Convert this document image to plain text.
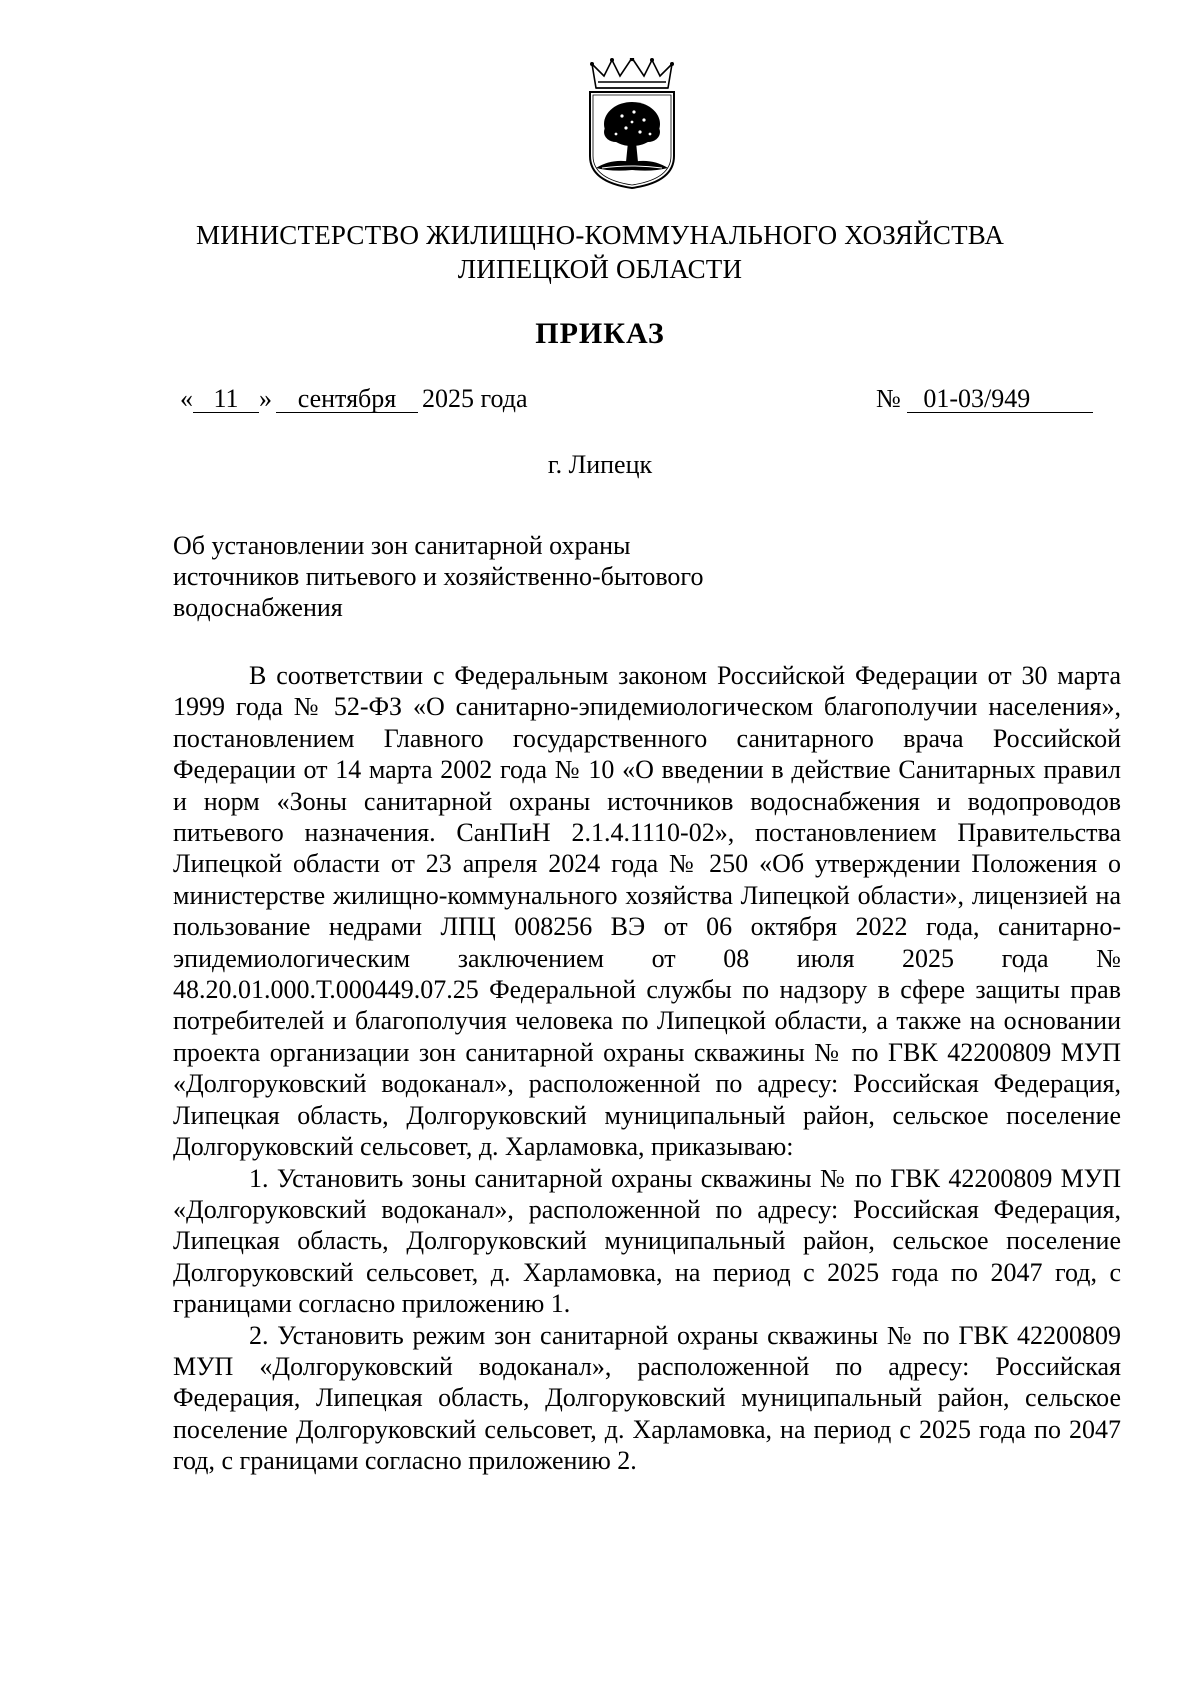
МИНИСТЕРСТВО ЖИЛИЩНО-КОММУНАЛЬНОГО ХОЗЯЙСТВА
ЛИПЕЦКОЙ ОБЛАСТИ
ПРИКАЗ
« 11 » сентября 2025 года	№ 01-03/949
г. Липецк
Об установлении зон санитарной охраны
источников питьевого и хозяйственно-бытового
водоснабжения

В соответствии с Федеральным законом Российской Федерации от 30 марта 1999 года № 52-ФЗ «О санитарно-эпидемиологическом благополучии населения», постановлением Главного государственного санитарного врача Российской Федерации от 14 марта 2002 года № 10 «О введении в действие Санитарных правил и норм «Зоны санитарной охраны источников водоснабжения и водопроводов питьевого назначения. СанПиН 2.1.4.1110-02», постановлением Правительства Липецкой области от 23 апреля 2024 года № 250 «Об утверждении Положения о министерстве жилищно-коммунального хозяйства Липецкой области», лицензией на пользование недрами ЛПЦ 008256 ВЭ от 06 октября 2022 года, санитарно-эпидемиологическим заключением от 08 июля 2025 года № 48.20.01.000.Т.000449.07.25 Федеральной службы по надзору в сфере защиты прав потребителей и благополучия человека по Липецкой области, а также на основании проекта организации зон санитарной охраны скважины № по ГВК 42200809 МУП «Долгоруковский водоканал», расположенной по адресу: Российская Федерация, Липецкая область, Долгоруковский муниципальный район, сельское поселение Долгоруковский сельсовет, д. Харламовка, приказываю:

1. Установить зоны санитарной охраны скважины № по ГВК 42200809 МУП «Долгоруковский водоканал», расположенной по адресу: Российская Федерация, Липецкая область, Долгоруковский муниципальный район, сельское поселение Долгоруковский сельсовет, д. Харламовка, на период с 2025 года по 2047 год, с границами согласно приложению 1.

2. Установить режим зон санитарной охраны скважины № по ГВК 42200809 МУП «Долгоруковский водоканал», расположенной по адресу: Российская Федерация, Липецкая область, Долгоруковский муниципальный район, сельское поселение Долгоруковский сельсовет, д. Харламовка, на период с 2025 года по 2047 год, с границами согласно приложению 2.
